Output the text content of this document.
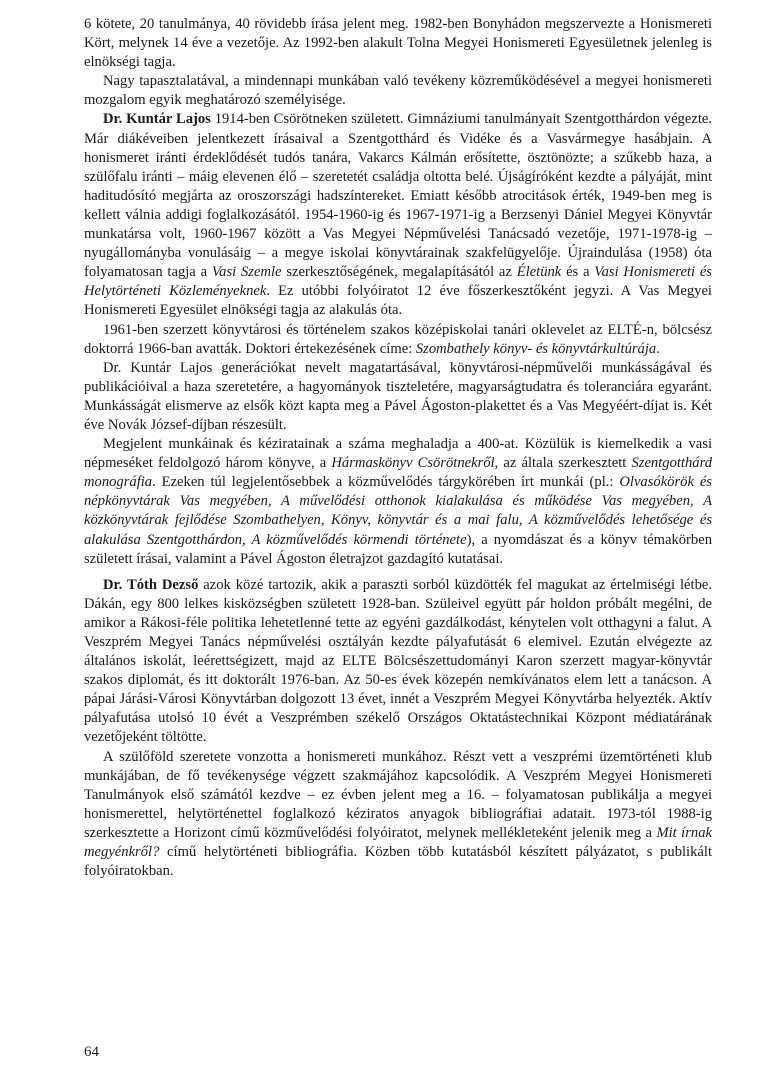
6 kötete, 20 tanulmánya, 40 rövidebb írása jelent meg. 1982-ben Bonyhádon megszervezte a Honismereti Kört, melynek 14 éve a vezetője. Az 1992-ben alakult Tolna Megyei Honismereti Egyesületnek jelenleg is elnökségi tagja.

Nagy tapasztalatával, a mindennapi munkában való tevékeny közreműködésével a megyei honismereti mozgalom egyik meghatározó személyisége.

Dr. Kuntár Lajos 1914-ben Csörötneken született. Gimnáziumi tanulmányait Szentgotthárdon végezte. Már diákéveiben jelentkezett írásaival a Szentgotthárd és Vidéke és a Vasvármegye hasábjain. A honismeret iránti érdeklődését tudós tanára, Vakarcs Kálmán erősítette, ösztönözte; a szűkebb haza, a szülőfalu iránti – máig elevenen élő – szeretetét családja oltotta belé. Újságíróként kezdte a pályáját, mint haditudósító megjárta az oroszországi hadszíntereket. Emiatt később atrocitások érték, 1949-ben meg is kellett válnia addigi foglalkozásától. 1954-1960-ig és 1967-1971-ig a Berzsenyi Dániel Megyei Könyvtár munkatársa volt, 1960-1967 között a Vas Megyei Népművelési Tanácsadó vezetője, 1971-1978-ig – nyugállományba vonulásáig – a megye iskolai könyvtárainak szakfelügyelője. Újraindulása (1958) óta folyamatosan tagja a Vasi Szemle szerkesztőségének, megalapításától az Életünk és a Vasi Honismereti és Helytörténeti Közleményeknek. Ez utóbbi folyóiratot 12 éve főszerkesztőként jegyzi. A Vas Megyei Honismereti Egyesület elnökségi tagja az alakulás óta.

1961-ben szerzett könyvtárosi és történelem szakos középiskolai tanári oklevelet az ELTÉ-n, bölcsész doktorrá 1966-ban avatták. Doktori értekezésének címe: Szombathely könyv- és könyvtárkultúrája.

Dr. Kuntár Lajos generációkat nevelt magatartásával, könyvtárosi-népművelői munkásságával és publikációival a haza szeretetére, a hagyományok tiszteletére, magyarságtudatra és toleranciára egyaránt. Munkásságát elismerve az elsők közt kapta meg a Pável Ágoston-plakettet és a Vas Megyéért-díjat is. Két éve Novák József-díjban részesült.

Megjelent munkáinak és kéziratainak a száma meghaladja a 400-at. Közülük is kiemelkedik a vasi népmeséket feldolgozó három könyve, a Hármaskönyv Csörötnekről, az általa szerkesztett Szentgotthárd monográfia. Ezeken túl legjelentősebbek a közművelődés tárgykörében írt munkái (pl.: Olvasókörök és népkönyvtárak Vas megyében, A művelődési otthonok kialakulása és működése Vas megyében, A közkönyvtárak fejlődése Szombathelyen, Könyv, könyvtár és a mai falu, A közművelődés lehetősége és alakulása Szentgotthárdon, A közművelődés körmendi története), a nyomdászat és a könyv témakörben született írásai, valamint a Pável Ágoston életrajzot gazdagító kutatásai.

Dr. Tóth Dezső azok közé tartozik, akik a paraszti sorból küzdötték fel magukat az értelmiségi létbe. Dákán, egy 800 lelkes kisközségben született 1928-ban. Szüleivel együtt pár holdon próbált megélni, de amikor a Rákosi-féle politika lehetetlenné tette az egyéni gazdálkodást, kénytelen volt otthagyni a falut. A Veszprém Megyei Tanács népművelési osztályán kezdte pályafutását 6 elemivel. Ezután elvégezte az általános iskolát, leérettségizett, majd az ELTE Bölcsészettudományi Karon szerzett magyar-könyvtár szakos diplomát, és itt doktorált 1976-ban. Az 50-es évek közepén nemkívánatos elem lett a tanácson. A pápai Járási-Városi Könyvtárban dolgozott 13 évet, innét a Veszprém Megyei Könyvtárba helyezték. Aktív pályafutása utolsó 10 évét a Veszprémben székelő Országos Oktatástechnikai Központ médiatárának vezetőjeként töltötte.

A szülőföld szeretete vonzotta a honismereti munkához. Részt vett a veszprémi üzemtörténeti klub munkájában, de fő tevékenysége végzett szakmájához kapcsolódik. A Veszprém Megyei Honismereti Tanulmányok első számától kezdve – ez évben jelent meg a 16. – folyamatosan publikálja a megyei honismerettel, helytörténettel foglalkozó kéziratos anyagok bibliográfiai adatait. 1973-tól 1988-ig szerkesztette a Horizont című közművelődési folyóiratot, melynek mellékleteként jelenik meg a Mit írnak megyénkről? című helytörténeti bibliográfia. Közben több kutatásból készített pályázatot, s publikált folyóiratokban.

64
